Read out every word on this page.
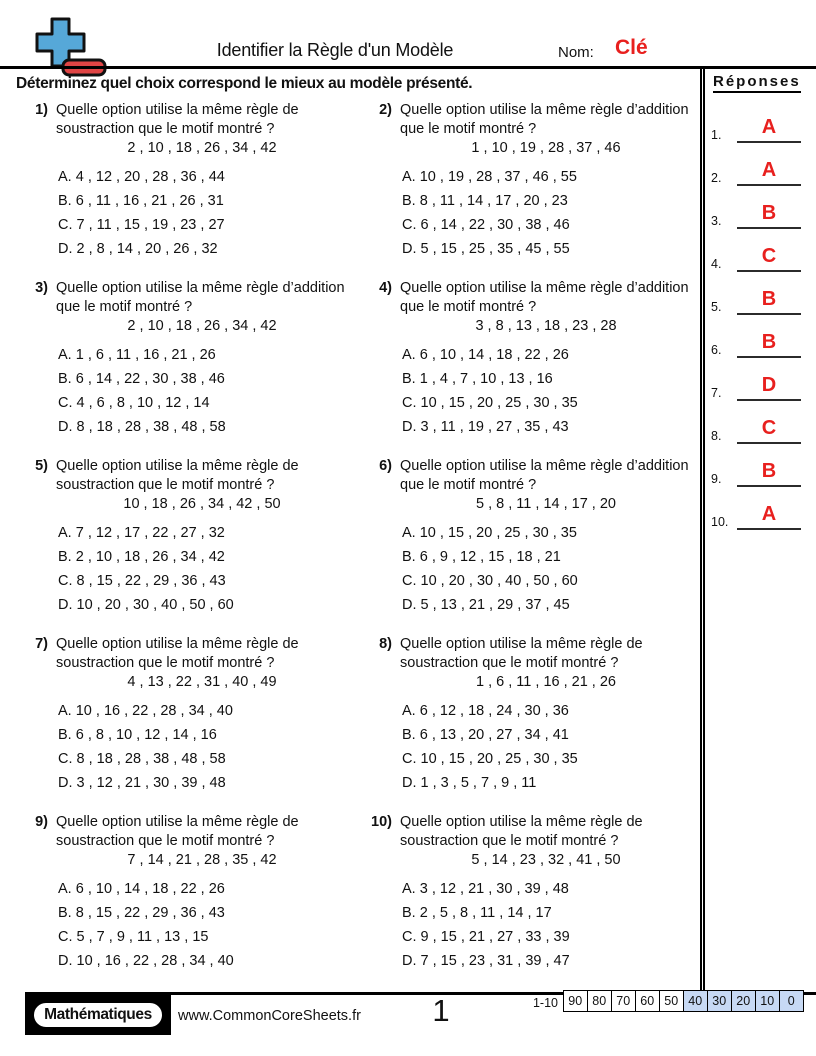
Identifier la Règle d'un Modèle	Nom: Clé
Déterminez quel choix correspond le mieux au modèle présenté.
1) Quelle option utilise la même règle de soustraction que le motif montré ?
2 , 10 , 18 , 26 , 34 , 42
A. 4 , 12 , 20 , 28 , 36 , 44
B. 6 , 11 , 16 , 21 , 26 , 31
C. 7 , 11 , 15 , 19 , 23 , 27
D. 2 , 8 , 14 , 20 , 26 , 32
2) Quelle option utilise la même règle d’addition que le motif montré ?
1 , 10 , 19 , 28 , 37 , 46
A. 10 , 19 , 28 , 37 , 46 , 55
B. 8 , 11 , 14 , 17 , 20 , 23
C. 6 , 14 , 22 , 30 , 38 , 46
D. 5 , 15 , 25 , 35 , 45 , 55
3) Quelle option utilise la même règle d’addition que le motif montré ?
2 , 10 , 18 , 26 , 34 , 42
A. 1 , 6 , 11 , 16 , 21 , 26
B. 6 , 14 , 22 , 30 , 38 , 46
C. 4 , 6 , 8 , 10 , 12 , 14
D. 8 , 18 , 28 , 38 , 48 , 58
4) Quelle option utilise la même règle d’addition que le motif montré ?
3 , 8 , 13 , 18 , 23 , 28
A. 6 , 10 , 14 , 18 , 22 , 26
B. 1 , 4 , 7 , 10 , 13 , 16
C. 10 , 15 , 20 , 25 , 30 , 35
D. 3 , 11 , 19 , 27 , 35 , 43
5) Quelle option utilise la même règle de soustraction que le motif montré ?
10 , 18 , 26 , 34 , 42 , 50
A. 7 , 12 , 17 , 22 , 27 , 32
B. 2 , 10 , 18 , 26 , 34 , 42
C. 8 , 15 , 22 , 29 , 36 , 43
D. 10 , 20 , 30 , 40 , 50 , 60
6) Quelle option utilise la même règle d’addition que le motif montré ?
5 , 8 , 11 , 14 , 17 , 20
A. 10 , 15 , 20 , 25 , 30 , 35
B. 6 , 9 , 12 , 15 , 18 , 21
C. 10 , 20 , 30 , 40 , 50 , 60
D. 5 , 13 , 21 , 29 , 37 , 45
7) Quelle option utilise la même règle de soustraction que le motif montré ?
4 , 13 , 22 , 31 , 40 , 49
A. 10 , 16 , 22 , 28 , 34 , 40
B. 6 , 8 , 10 , 12 , 14 , 16
C. 8 , 18 , 28 , 38 , 48 , 58
D. 3 , 12 , 21 , 30 , 39 , 48
8) Quelle option utilise la même règle de soustraction que le motif montré ?
1 , 6 , 11 , 16 , 21 , 26
A. 6 , 12 , 18 , 24 , 30 , 36
B. 6 , 13 , 20 , 27 , 34 , 41
C. 10 , 15 , 20 , 25 , 30 , 35
D. 1 , 3 , 5 , 7 , 9 , 11
9) Quelle option utilise la même règle de soustraction que le motif montré ?
7 , 14 , 21 , 28 , 35 , 42
A. 6 , 10 , 14 , 18 , 22 , 26
B. 8 , 15 , 22 , 29 , 36 , 43
C. 5 , 7 , 9 , 11 , 13 , 15
D. 10 , 16 , 22 , 28 , 34 , 40
10) Quelle option utilise la même règle de soustraction que le motif montré ?
5 , 14 , 23 , 32 , 41 , 50
A. 3 , 12 , 21 , 30 , 39 , 48
B. 2 , 5 , 8 , 11 , 14 , 17
C. 9 , 15 , 21 , 27 , 33 , 39
D. 7 , 15 , 23 , 31 , 39 , 47
Réponses
1.	A
2.	A
3.	B
4.	C
5.	B
6.	B
7.	D
8.	C
9.	B
10.	A
Mathématiques	www.CommonCoreSheets.fr	1	1-10 90 80 70 60 50 40 30 20 10	0
